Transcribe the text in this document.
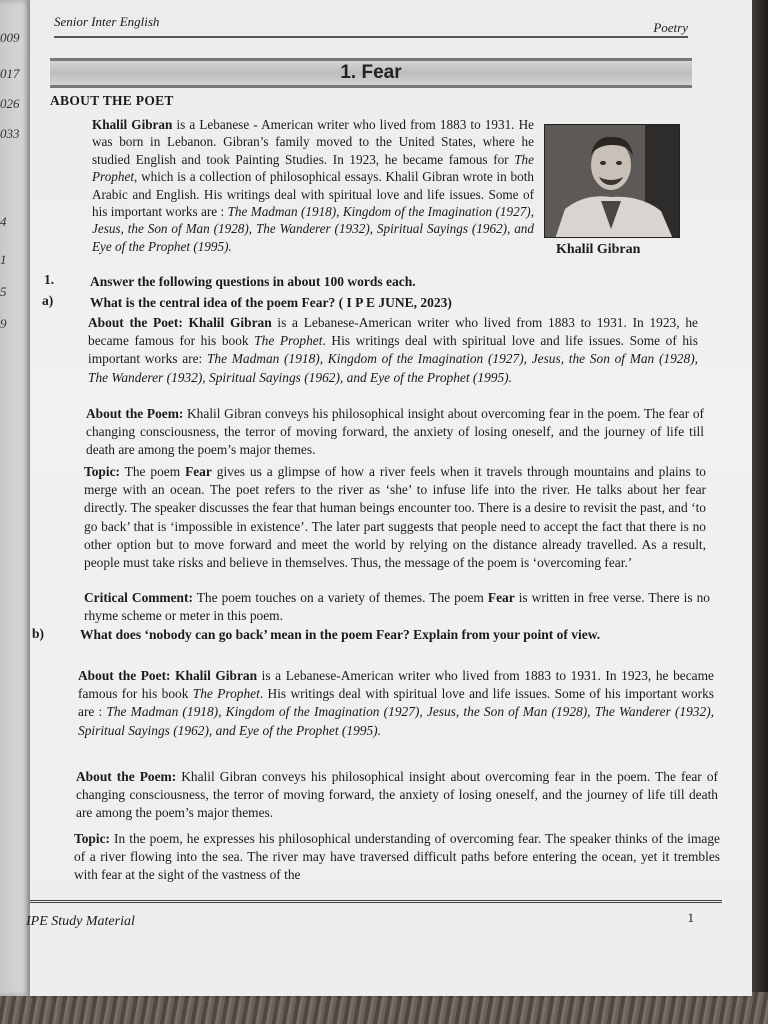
009
017
026
033
4
1
5
9
Senior Inter English	Poetry
1. Fear
ABOUT THE POET
Khalil Gibran is a Lebanese - American writer who lived from 1883 to 1931. He was born in Lebanon. Gibran’s family moved to the United States, where he studied English and took Painting Studies. In 1923, he became famous for The Prophet, which is a collection of philosophical essays. Khalil Gibran wrote in both Arabic and English. His writings deal with spiritual love and life issues. Some of his important works are : The Madman (1918), Kingdom of the Imagination (1927), Jesus, the Son of Man (1928), The Wanderer (1932), Spiritual Sayings (1962), and Eye of the Prophet (1995).	Khalil Gibran
1.	Answer the following questions in about 100 words each.
a)	What is the central idea of the poem Fear? ( I P E JUNE, 2023)
About the Poet: Khalil Gibran is a Lebanese-American writer who lived from 1883 to 1931. In 1923, he became famous for his book The Prophet. His writings deal with spiritual love and life issues. Some of his important works are: The Madman (1918), Kingdom of the Imagination (1927), Jesus, the Son of Man (1928), The Wanderer (1932), Spiritual Sayings (1962), and Eye of the Prophet (1995).
About the Poem: Khalil Gibran conveys his philosophical insight about overcoming fear in the poem. The fear of changing consciousness, the terror of moving forward, the anxiety of losing oneself, and the journey of life till death are among the poem’s major themes.
Topic: The poem Fear gives us a glimpse of how a river feels when it travels through mountains and plains to merge with an ocean. The poet refers to the river as ‘she’ to infuse life into the river. He talks about her fear directly. The speaker discusses the fear that human beings encounter too. There is a desire to revisit the past, and ‘to go back’ that is ‘impossible in existence’. The later part suggests that people need to accept the fact that there is no other option but to move forward and meet the world by relying on the distance already travelled. As a result, people must take risks and believe in themselves. Thus, the message of the poem is ‘overcoming fear.’
Critical Comment: The poem touches on a variety of themes. The poem Fear is written in free verse. There is no rhyme scheme or meter in this poem.
b)	What does ‘nobody can go back’ mean in the poem Fear? Explain from your point of view.
About the Poet: Khalil Gibran is a Lebanese-American writer who lived from 1883 to 1931. In 1923, he became famous for his book The Prophet. His writings deal with spiritual love and life issues. Some of his important works are : The Madman (1918), Kingdom of the Imagination (1927), Jesus, the Son of Man (1928), The Wanderer (1932), Spiritual Sayings (1962), and Eye of the Prophet (1995).
About the Poem: Khalil Gibran conveys his philosophical insight about overcoming fear in the poem. The fear of changing consciousness, the terror of moving forward, the anxiety of losing oneself, and the journey of life till death are among the poem’s major themes.
Topic: In the poem, he expresses his philosophical understanding of overcoming fear. The speaker thinks of the image of a river flowing into the sea. The river may have traversed difficult paths before entering the ocean, yet it trembles with fear at the sight of the vastness of the
IPE Study Material	1
